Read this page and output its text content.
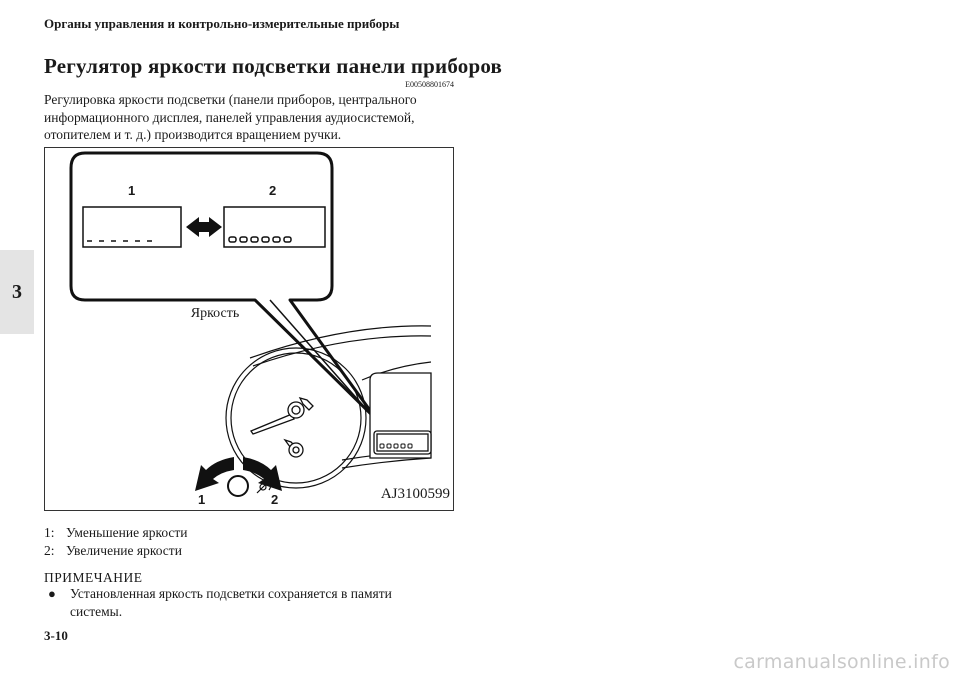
Органы управления и контрольно-измерительные приборы
3
Регулятор яркости подсветки панели приборов
E00508801674
Регулировка яркости подсветки (панели приборов, центрального
информационного дисплея, панелей управления аудиосистемой,
отопителем и т. д.) производится вращением ручки.
Яркость
1	2
1	2	AJ3100599
1: Уменьшение яркости
2: Увеличение яркости
ПРИМЕЧАНИЕ
●	Установленная яркость подсветки сохраняется в памяти
системы.
3-10
carmanualsonline.info
